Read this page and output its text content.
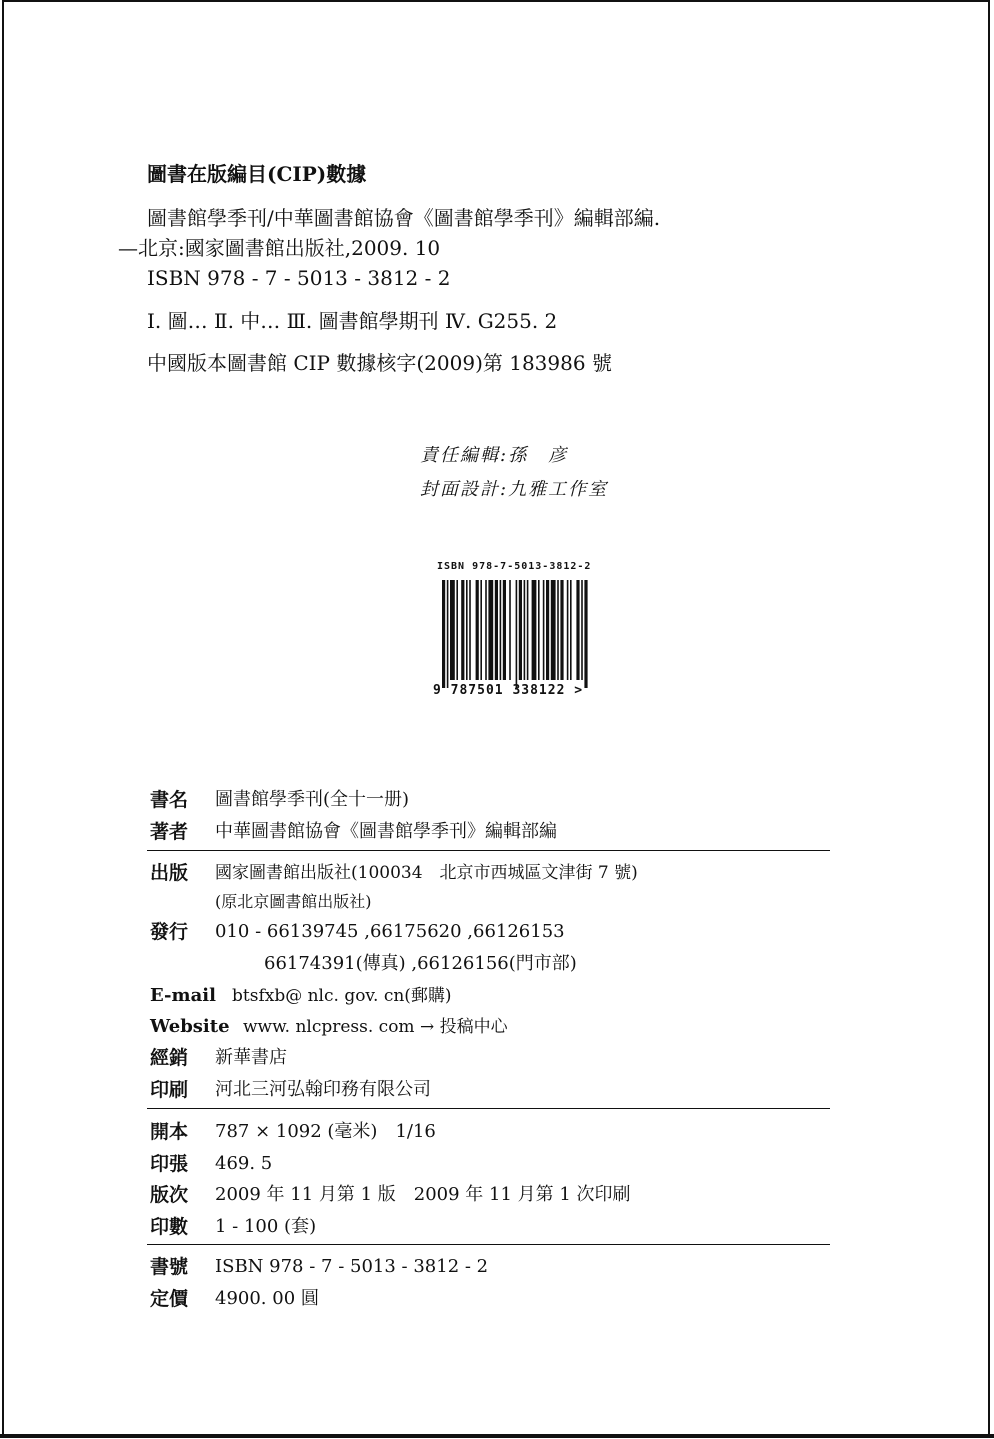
圖書在版編目(CIP)數據
圖書館學季刊/中華圖書館協會《圖書館學季刊》編輯部編.
—北京:國家圖書館出版社,2009. 10
ISBN 978 - 7 - 5013 - 3812 - 2
Ⅰ. 圖… Ⅱ. 中… Ⅲ. 圖書館學期刊 Ⅳ. G255. 2
中國版本圖書館 CIP 數據核字(2009)第 183986 號
責任編輯:孫　彦
封面設計:九雅工作室
ISBN 978-7-5013-3812-2
9 787501 338122 >
書名 圖書館學季刊(全十一册)
著者 中華圖書館協會《圖書館學季刊》編輯部編
出版 國家圖書館出版社(100034　北京市西城區文津街 7 號)
(原北京圖書館出版社)
發行 010 - 66139745 ,66175620 ,66126153
66174391(傳真) ,66126156(門市部)
E-mail btsfxb@ nlc. gov. cn(郵購)
Website www. nlcpress. com → 投稿中心
經銷 新華書店
印刷 河北三河弘翰印務有限公司
開本 787 × 1092 (毫米)　1/16
印張 469. 5
版次 2009 年 11 月第 1 版　2009 年 11 月第 1 次印刷
印數 1 - 100 (套)
書號 ISBN 978 - 7 - 5013 - 3812 - 2
定價 4900. 00 圓
